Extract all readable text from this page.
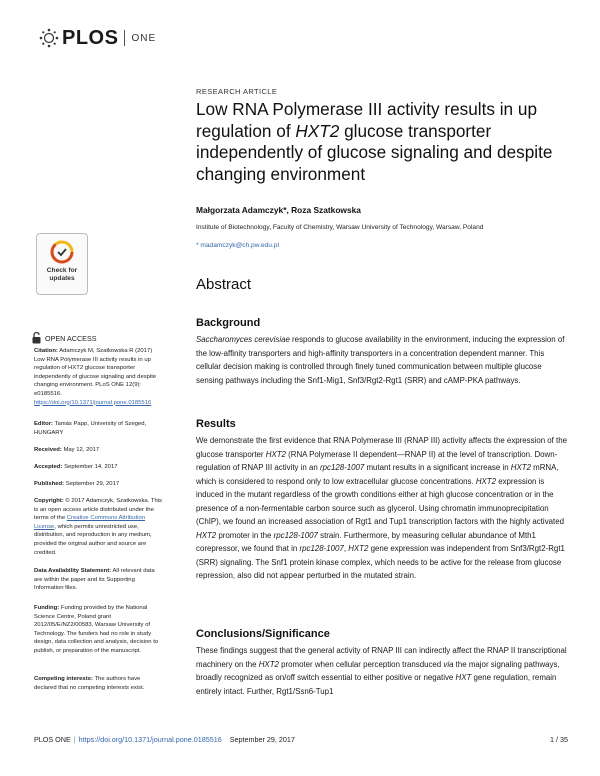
PLOS ONE
RESEARCH ARTICLE
Low RNA Polymerase III activity results in up regulation of HXT2 glucose transporter independently of glucose signaling and despite changing environment
Małgorzata Adamczyk*, Roza Szatkowska
Institute of Biotechnology, Faculty of Chemistry, Warsaw University of Technology, Warsaw, Poland
* madamczyk@ch.pw.edu.pl
Abstract
Background
Saccharomyces cerevisiae responds to glucose availability in the environment, inducing the expression of the low-affinity transporters and high-affinity transporters in a concentration dependent manner. This cellular decision making is controlled through finely tuned communication between multiple glucose sensing pathways including the Snf1-Mig1, Snf3/Rgt2-Rgt1 (SRR) and cAMP-PKA pathways.
Results
We demonstrate the first evidence that RNA Polymerase III (RNAP III) activity affects the expression of the glucose transporter HXT2 (RNA Polymerase II dependent—RNAP II) at the level of transcription. Down-regulation of RNAP III activity in an rpc128-1007 mutant results in a significant increase in HXT2 mRNA, which is considered to respond only to low extracellular glucose concentrations. HXT2 expression is induced in the mutant regardless of the growth conditions either at high glucose concentration or in the presence of a non-fermentable carbon source such as glycerol. Using chromatin immunoprecipitation (ChIP), we found an increased association of Rgt1 and Tup1 transcription factors with the highly activated HXT2 promoter in the rpc128-1007 strain. Furthermore, by measuring cellular abundance of Mth1 corepressor, we found that in rpc128-1007, HXT2 gene expression was independent from Snf3/Rgt2-Rgt1 (SRR) signaling. The Snf1 protein kinase complex, which needs to be active for the release from glucose repression, also did not appear perturbed in the mutated strain.
Conclusions/Significance
These findings suggest that the general activity of RNAP III can indirectly affect the RNAP II transcriptional machinery on the HXT2 promoter when cellular perception transduced via the major signaling pathways, broadly recognized as on/off switch essential to either positive or negative HXT gene regulation, remain entirely intact. Further, Rgt1/Ssn6-Tup1
Check for
updates
OPEN ACCESS
Citation: Adamczyk M, Szatkowska R (2017) Low RNA Polymerase III activity results in up regulation of HXT2 glucose transporter independently of glucose signaling and despite changing environment. PLoS ONE 12(9): e0185516. https://doi.org/10.1371/journal.pone.0185516
Editor: Tamás Papp, University of Szeged, HUNGARY
Received: May 12, 2017
Accepted: September 14, 2017
Published: September 29, 2017
Copyright: © 2017 Adamczyk, Szatkowska. This is an open access article distributed under the terms of the Creative Commons Attribution License, which permits unrestricted use, distribution, and reproduction in any medium, provided the original author and source are credited.
Data Availability Statement: All relevant data are within the paper and its Supporting Information files.
Funding: Funding provided by the National Science Centre, Poland grant 2012/05/E/NZ2/00583, Warsaw University of Technology. The funders had no role in study design, data collection and analysis, decision to publish, or preparation of the manuscript.
Competing interests: The authors have declared that no competing interests exist.
PLOS ONE | https://doi.org/10.1371/journal.pone.0185516 September 29, 2017	1 / 35
